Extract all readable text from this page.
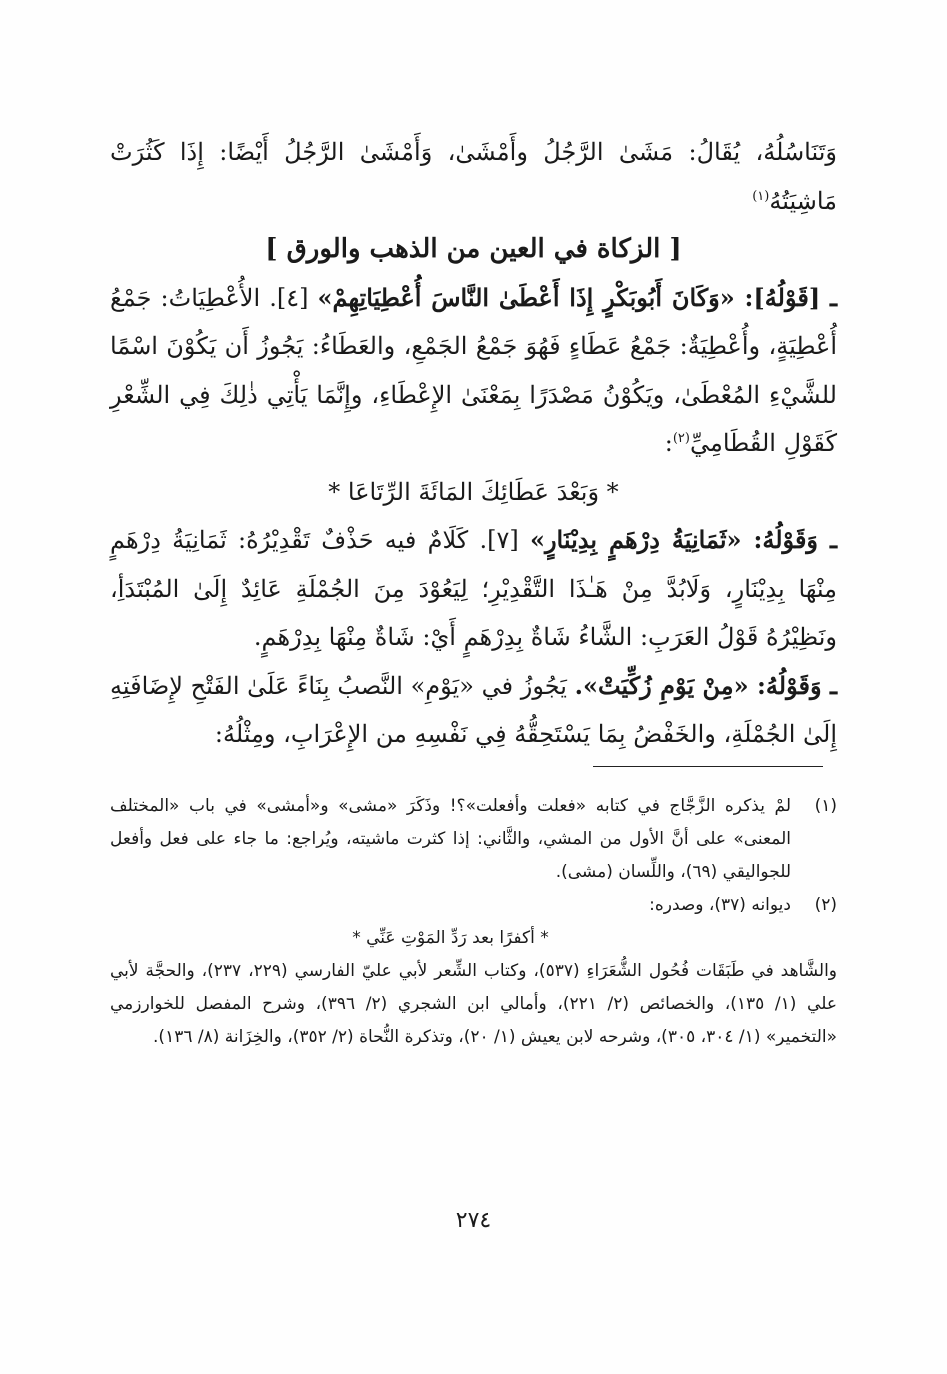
وَتَنَاسُلُهُ، يُقَالُ: مَشَىٰ الرَّجُلُ وأَمْشَىٰ، وَأَمْشَىٰ الرَّجُلُ أَيْضًا: إِذَا كَثُرَتْ مَاشِيَتُهُ$^{(١)}$

[ الزكاة في العين من الذهب والورق ]

ـ [قَوْلُهُ]: «وَكَانَ أَبُوبَكْرٍ إِذَا أَعْطَىٰ النَّاسَ أُعْطِيَاتِهِمْ» [٤]. الأُعْطِيَاتُ: جَمْعُ أُعْطِيَةٍ، وأُعْطِيَةٌ: جَمْعُ عَطَاءٍ فَهُوَ جَمْعُ الجَمْعِ، والعَطَاءُ: يَجُوزُ أَن يَكُوْنَ اسْمًا للشَّيْءِ المُعْطَىٰ، ويَكُوْنُ مَصْدَرًا بِمَعْنَىٰ الإِعْطَاءِ، وإِنَّمَا يَأْتِي ذٰلِكَ فِي الشِّعْرِ كَقَوْلِ القُطَامِيِّ$^{(٢)}$:

* وَبَعْدَ عَطَائِكَ المَائَةَ الرِّتَاعَا *

ـ وَقَوْلُهُ: «ثَمَانِيَةُ دِرْهَمٍ بِدِيْنَارٍ» [٧]. كَلَامٌ فيه حَذْفٌ تَقْدِيْرُهُ: ثَمَانِيَةُ دِرْهَمٍ مِنْهَا بِدِيْنَارٍ، وَلَابُدَّ مِنْ هَـٰذَا التَّقْدِيْرِ؛ لِيَعُوْدَ مِنَ الجُمْلَةِ عَائِدٌ إِلَىٰ المُبْتَدَأِ، ونَظِيْرُهُ قَوْلُ العَرَبِ: الشَّاءُ شَاةٌ بِدِرْهَمٍ أَيْ: شَاةٌ مِنْهَا بِدِرْهَمٍ.

ـ وَقَوْلُهُ: «مِنْ يَوْمِ زُكِّيَتْ». يَجُوزُ في «يَوْمِ» النَّصبُ بِنَاءً عَلَىٰ الفَتْحِ لإِضَافَتِهِ إِلَىٰ الجُمْلَةِ، والخَفْضُ بِمَا يَسْتَحِقُّهُ فِي نَفْسِهِ من الإِعْرَابِ، ومِثْلُهُ:

(١)

لمْ يذكره الزَّجَّاج في كتابه «فعلت وأفعلت»؟! وذَكَرَ «مشى» و«أمشى» في باب «المختلف المعنى» على أنَّ الأول من المشي، والثَّاني: إذا كثرت ماشيته، ويُراجع: ما جاء على فعل وأفعل للجواليقي (٦٩)، واللِّسان (مشى).

(٢)

ديوانه (٣٧)، وصدره:

* أكفرًا بعد رَدِّ المَوْتِ عَنِّي *

والشَّاهد في طَبَقَات فُحُول الشُّعَرَاءِ (٥٣٧)، وكتاب الشِّعر لأبي عليّ الفارسي (٢٢٩، ٢٣٧)، والحجَّة لأبي علي (١/ ١٣٥)، والخصائص (٢/ ٢٢١)، وأمالي ابن الشجري (٢/ ٣٩٦)، وشرح المفصل للخوارزمي «التخمير» (١/ ٣٠٤، ٣٠٥)، وشرحه لابن يعيش (١/ ٢٠)، وتذكرة النُّحاة (٢/ ٣٥٢)، والخِزَانة (٨/ ١٣٦).

٢٧٤
